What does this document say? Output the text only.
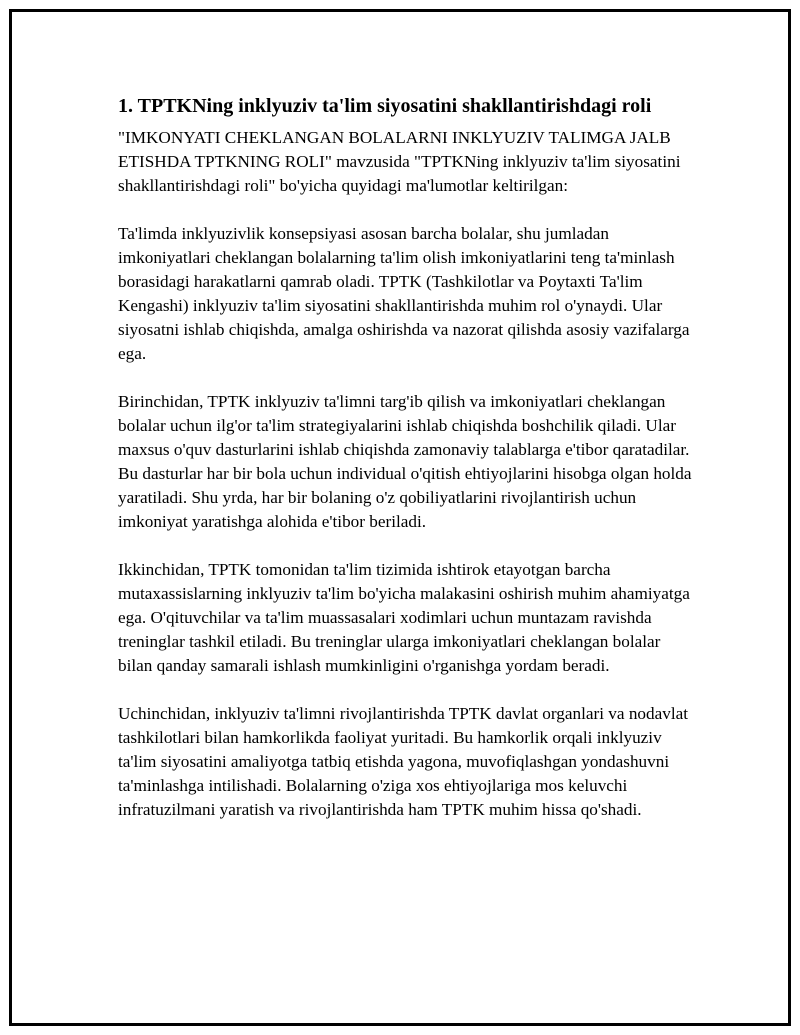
1. TPTKNing inklyuziv ta'lim siyosatini shakllantirishdagi roli

"IMKONYATI CHEKLANGAN BOLALARNI INKLYUZIV TALIMGA JALB ETISHDA TPTKNING ROLI" mavzusida "TPTKNing inklyuziv ta'lim siyosatini shakllantirishdagi roli" bo'yicha quyidagi ma'lumotlar keltirilgan:

Ta'limda inklyuzivlik konsepsiyasi asosan barcha bolalar, shu jumladan imkoniyatlari cheklangan bolalarning ta'lim olish imkoniyatlarini teng ta'minlash borasidagi harakatlarni qamrab oladi. TPTK (Tashkilotlar va Poytaxti Ta'lim Kengashi) inklyuziv ta'lim siyosatini shakllantirishda muhim rol o'ynaydi. Ular siyosatni ishlab chiqishda, amalga oshirishda va nazorat qilishda asosiy vazifalarga ega.

Birinchidan, TPTK inklyuziv ta'limni targ'ib qilish va imkoniyatlari cheklangan bolalar uchun ilg'or ta'lim strategiyalarini ishlab chiqishda boshchilik qiladi. Ular maxsus o'quv dasturlarini ishlab chiqishda zamonaviy talablarga e'tibor qaratadilar. Bu dasturlar har bir bola uchun individual o'qitish ehtiyojlarini hisobga olgan holda yaratiladi. Shu yrda, har bir bolaning o'z qobiliyatlarini rivojlantirish uchun imkoniyat yaratishga alohida e'tibor beriladi.

Ikkinchidan, TPTK tomonidan ta'lim tizimida ishtirok etayotgan barcha mutaxassislarning inklyuziv ta'lim bo'yicha malakasini oshirish muhim ahamiyatga ega. O'qituvchilar va ta'lim muassasalari xodimlari uchun muntazam ravishda treninglar tashkil etiladi. Bu treninglar ularga imkoniyatlari cheklangan bolalar bilan qanday samarali ishlash mumkinligini o'rganishga yordam beradi.

Uchinchidan, inklyuziv ta'limni rivojlantirishda TPTK davlat organlari va nodavlat tashkilotlari bilan hamkorlikda faoliyat yuritadi. Bu hamkorlik orqali inklyuziv ta'lim siyosatini amaliyotga tatbiq etishda yagona, muvofiqlashgan yondashuvni ta'minlashga intilishadi. Bolalarning o'ziga xos ehtiyojlariga mos keluvchi infratuzilmani yaratish va rivojlantirishda ham TPTK muhim hissa qo'shadi.
